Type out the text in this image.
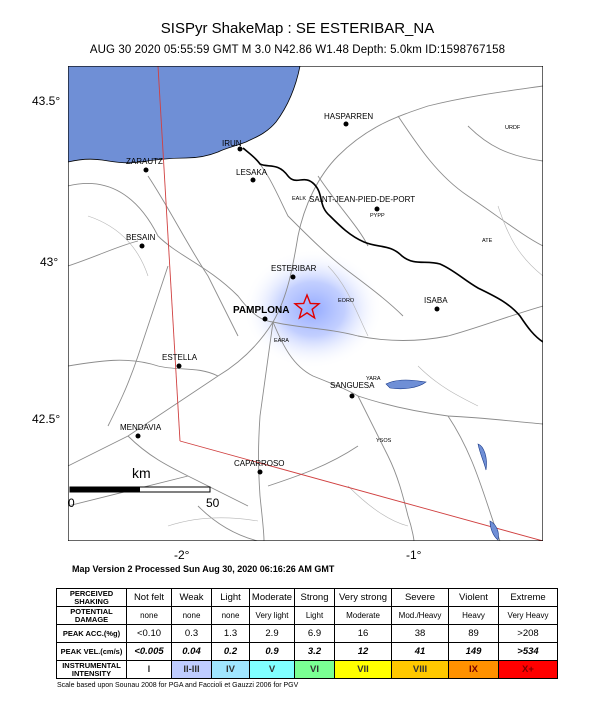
SISPyr ShakeMap : SE ESTERIBAR_NA
AUG 30 2020 05:55:59 GMT M 3.0 N42.86 W1.48 Depth: 5.0km ID:1598767158
43.5°
43°
42.5°
-2°	-1°
HASPARREN
URDF
ZARAUTZ
IRUN
LESAKA
EALK SAINT-JEAN-PIED-DE-PORT
PYPP
BESAIN	ATE
ESTERIBAR
EORO	ISABA
PAMPLONA
EARA
ESTELLA
YARA
SANGUESA
YSOS
MENDAVIA
CAPARROSO
km
0	50
Map Version 2 Processed Sun Aug 30, 2020 06:16:26 AM GMT
PERCEIVED SHAKING	Not felt	Weak	Light	Moderate	Strong	Very strong	Severe	Violent	Extreme
POTENTIAL DAMAGE	none	none	none	Very light	Light	Moderate	Mod./Heavy	Heavy	Very Heavy
PEAK ACC.(%g)	<0.10	0.3	1.3	2.9	6.9	16	38	89	>208
PEAK VEL.(cm/s)	<0.005	0.04	0.2	0.9	3.2	12	41	149	>534
INSTRUMENTAL INTENSITY	I	II-III	IV	V	VI	VII	VIII	IX	X+
Scale based upon Sounau 2008 for PGA and Faccioli et Gauzzi 2006 for PGV
